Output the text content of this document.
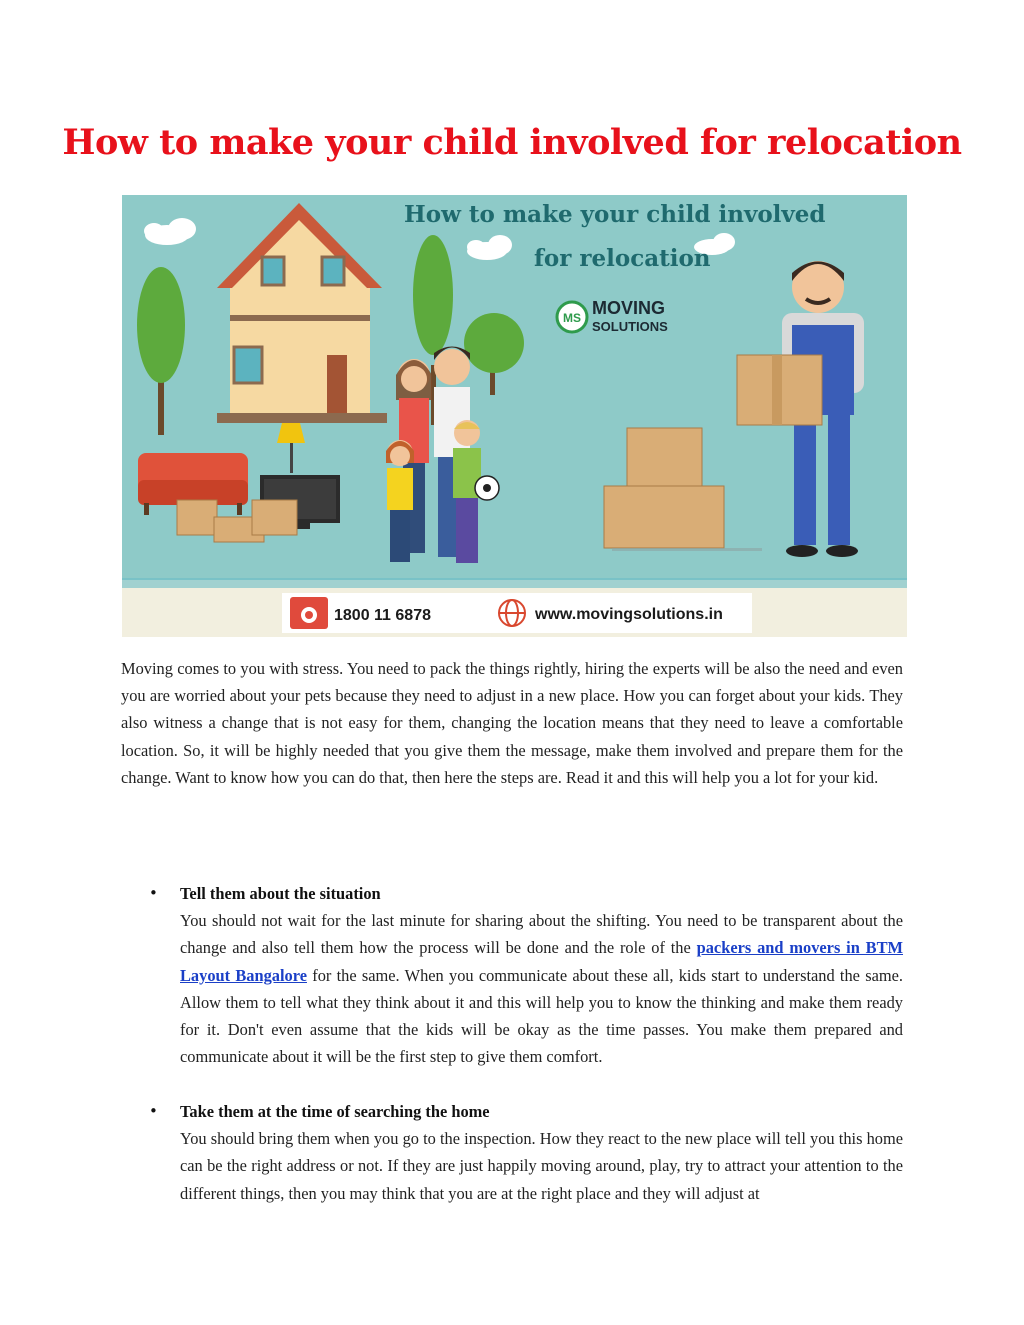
How to make your child involved for relocation
1800 11 6878	www.movingsolutions.in
How to make your child involved
for relocation
MS MOVING
SOLUTIONS

Moving comes to you with stress. You need to pack the things rightly, hiring the experts will be also the need and even you are worried about your pets because they need to adjust in a new place. How you can forget about your kids. They also witness a change that is not easy for them, changing the location means that they need to leave a comfortable location. So, it will be highly needed that you give them the message, make them involved and prepare them for the change. Want to know how you can do that, then here the steps are. Read it and this will help you a lot for your kid.

• Tell them about the situation

You should not wait for the last minute for sharing about the shifting. You need to be transparent about the change and also tell them how the process will be done and the role of the packers and movers in BTM Layout Bangalore for the same. When you communicate about these all, kids start to understand the same. Allow them to tell what they think about it and this will help you to know the thinking and make them ready for it. Don't even assume that the kids will be okay as the time passes. You make them prepared and communicate about it will be the first step to give them comfort.

• Take them at the time of searching the home

You should bring them when you go to the inspection. How they react to the new place will tell you this home can be the right address or not. If they are just happily moving around, play, try to attract your attention to the different things, then you may think that you are at the right place and they will adjust at
